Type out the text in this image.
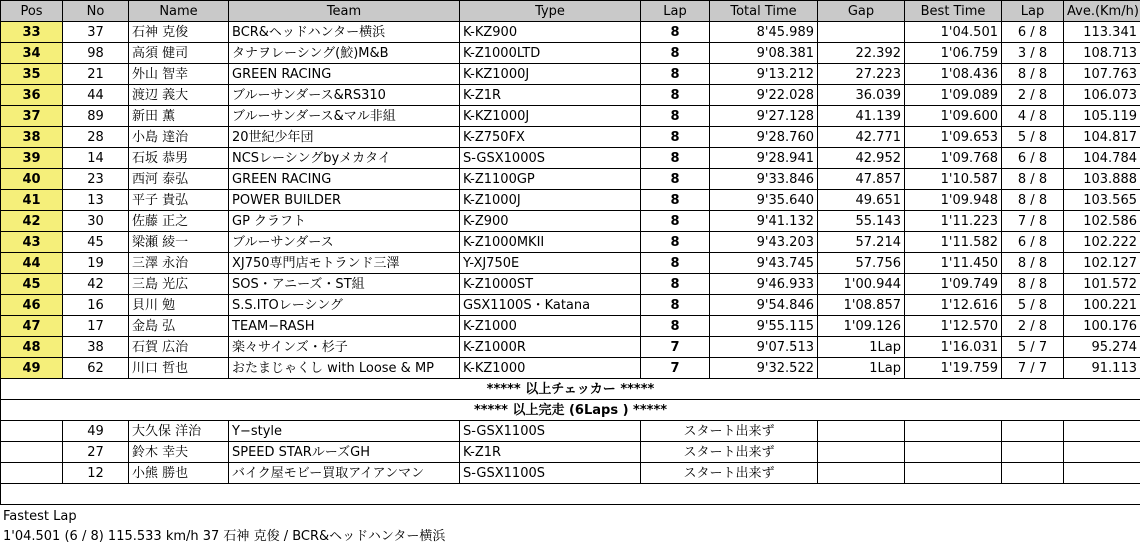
Pos	No	Name	Team	Type	Lap	Total Time	Gap	Best Time	Lap	Ave.(Km/h)
33	37	石神 克俊	BCR&ヘッドハンター横浜	K-KZ900	8	8'45.989		1'04.501	6 / 8	113.341
34	98	高須 健司	タナヲレーシング(鮫)M&B	K-Z1000LTD	8	9'08.381	22.392	1'06.759	3 / 8	108.713
35	21	外山 智幸	GREEN RACING	K-KZ1000J	8	9'13.212	27.223	1'08.436	8 / 8	107.763
36	44	渡辺 義大	ブルーサンダース&RS310	K-Z1R	8	9'22.028	36.039	1'09.089	2 / 8	106.073
37	89	新田 薫	ブルーサンダース&マル非組	K-KZ1000J	8	9'27.128	41.139	1'09.600	4 / 8	105.119
38	28	小島 達治	20世紀少年団	K-Z750FX	8	9'28.760	42.771	1'09.653	5 / 8	104.817
39	14	石坂 恭男	NCSレーシングbyメカタイ	S-GSX1000S	8	9'28.941	42.952	1'09.768	6 / 8	104.784
40	23	西河 泰弘	GREEN RACING	K-Z1100GP	8	9'33.846	47.857	1'10.587	8 / 8	103.888
41	13	平子 貴弘	POWER BUILDER	K-Z1000J	8	9'35.640	49.651	1'09.948	8 / 8	103.565
42	30	佐藤 正之	GP クラフト	K-Z900	8	9'41.132	55.143	1'11.223	7 / 8	102.586
43	45	梁瀬 綾一	ブルーサンダース	K-Z1000MKII	8	9'43.203	57.214	1'11.582	6 / 8	102.222
44	19	三澤 永治	XJ750専門店モトランド三澤	Y-XJ750E	8	9'43.745	57.756	1'11.450	8 / 8	102.127
45	42	三島 光広	SOS・アニーズ・ST組	K-Z1000ST	8	9'46.933	1'00.944	1'09.749	8 / 8	101.572
46	16	貝川 勉	S.S.ITOレーシング	GSX1100S・Katana	8	9'54.846	1'08.857	1'12.616	5 / 8	100.221
47	17	金島 弘	TEAM−RASH	K-Z1000	8	9'55.115	1'09.126	1'12.570	2 / 8	100.176
48	38	石賀 広治	楽々サインズ・杉子	K-Z1000R	7	9'07.513	1Lap	1'16.031	5 / 7	95.274
49	62	川口 哲也	おたまじゃくし with Loose & MP	K-KZ1000	7	9'32.522	1Lap	1'19.759	7 / 7	91.113
***** 以上チェッカー *****										
***** 以上完走 (6Laps ) *****										
	49	大久保 洋治	Y−style	S-GSX1100S	スタート出来ず					
	27	鈴木 幸夫	SPEED STARルーズGH	K-Z1R	スタート出来ず					
	12	小熊 勝也	バイク屋モビー買取アイアンマン	S-GSX1100S	スタート出来ず					

Fastest Lap
1'04.501 (6 / 8) 115.533 km/h 37 石神 克俊 / BCR&ヘッドハンター横浜
